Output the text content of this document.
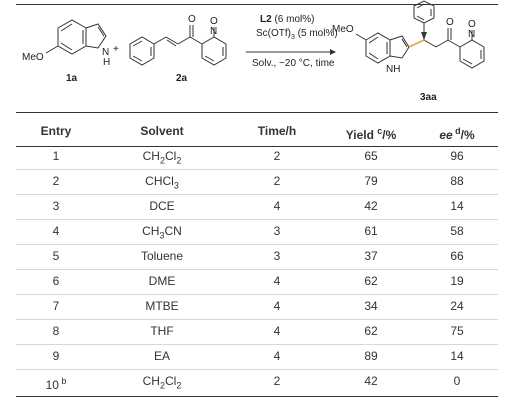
MeO	N
H
1a
+
O
N
O
2a
L2 (6 mol%)
$Sc(OTf)_3$ (5 mol%)
Solv., −20 °C, time
MeO
NH
O
N
O
3aa
Entry	Solvent	Time/h	Yield $^c$/%	ee $^d$/%
1	$CH_2Cl_2$	2	65	96
2	CHCl$_3$	2	79	88
3	DCE	4	42	14
4	$CH_3CN$	3	61	58
5	Toluene	3	37	66
6	DME	4	62	19
7	MTBE	4	34	24
8	THF	4	62	75
9	EA	4	89	14
10 $^b$	$CH_2Cl_2$	2	42	0
